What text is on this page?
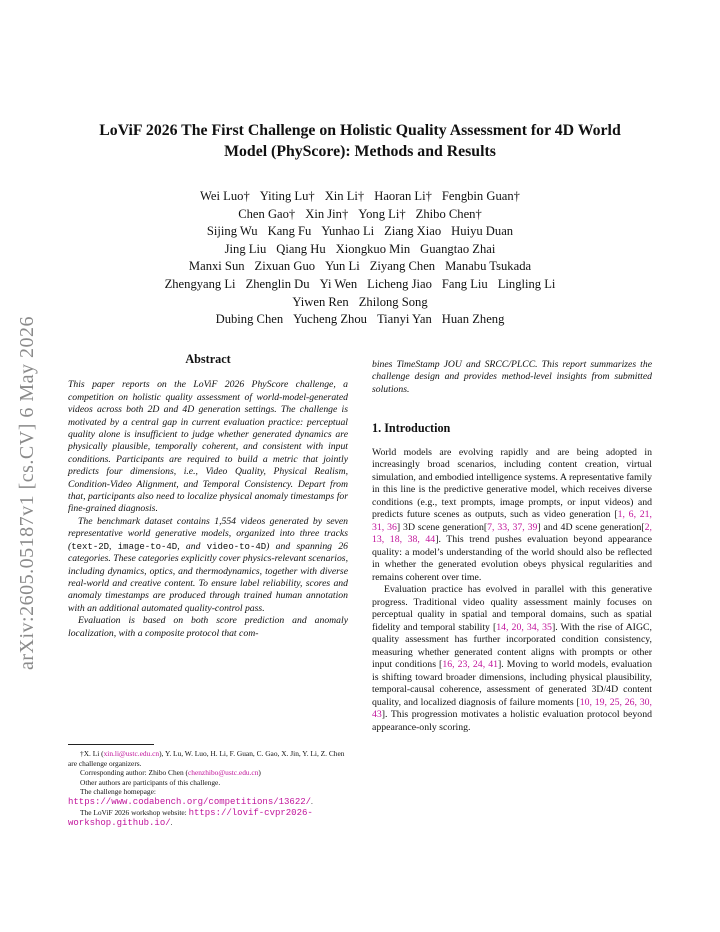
arXiv:2605.05187v1 [cs.CV] 6 May 2026
LoViF 2026 The First Challenge on Holistic Quality Assessment for 4D World
Model (PhyScore): Methods and Results
Wei Luo† Yiting Lu† Xin Li† Haoran Li† Fengbin Guan†
Chen Gao† Xin Jin† Yong Li† Zhibo Chen†
Sijing Wu Kang Fu Yunhao Li Ziang Xiao Huiyu Duan
Jing Liu Qiang Hu Xiongkuo Min Guangtao Zhai
Manxi Sun Zixuan Guo Yun Li Ziyang Chen Manabu Tsukada
Zhengyang Li Zhenglin Du Yi Wen Licheng Jiao Fang Liu Lingling Li
Yiwen Ren Zhilong Song
Dubing Chen Yucheng Zhou Tianyi Yan Huan Zheng
Abstract

This paper reports on the LoViF 2026 PhyScore challenge, a competition on holistic quality assessment of world-model-generated videos across both 2D and 4D generation settings. The challenge is motivated by a central gap in current evaluation practice: perceptual quality alone is insufficient to judge whether generated dynamics are physically plausible, temporally coherent, and consistent with input conditions. Participants are required to build a metric that jointly predicts four dimensions, i.e., Video Quality, Physical Realism, Condition-Video Alignment, and Temporal Consistency. Depart from that, participants also need to localize physical anomaly timestamps for fine-grained diagnosis.

The benchmark dataset contains 1,554 videos generated by seven representative world generative models, organized into three tracks (text-2D, image-to-4D, and video-to-4D) and spanning 26 categories. These categories explicitly cover physics-relevant scenarios, including dynamics, optics, and thermodynamics, together with diverse real-world and creative content. To ensure label reliability, scores and anomaly timestamps are produced through trained human annotation with an additional automated quality-control pass.

Evaluation is based on both score prediction and anomaly localization, with a composite protocol that com-

†X. Li (xin.li@ustc.edu.cn), Y. Lu, W. Luo, H. Li, F. Guan, C. Gao, X. Jin, Y. Li, Z. Chen are challenge organizers.
Corresponding author: Zhibo Chen (chenzhibo@ustc.edu.cn)
Other authors are participants of this challenge.
The challenge homepage: https://www.codabench.org/competitions/13622/.
The LoViF 2026 workshop website: https://lovif-cvpr2026-workshop.github.io/.

bines TimeStamp JOU and SRCC/PLCC. This report summarizes the challenge design and provides method-level insights from submitted solutions.

1. Introduction

World models are evolving rapidly and are being adopted in increasingly broad scenarios, including content creation, virtual simulation, and embodied intelligence systems. A representative family in this line is the predictive generative model, which receives diverse conditions (e.g., text prompts, image prompts, or input videos) and predicts future scenes as outputs, such as video generation [1, 6, 21, 31, 36] 3D scene generation[7, 33, 37, 39] and 4D scene generation[2, 13, 18, 38, 44]. This trend pushes evaluation beyond appearance quality: a model’s understanding of the world should also be reflected in whether the generated evolution obeys physical regularities and remains coherent over time.

Evaluation practice has evolved in parallel with this generative progress. Traditional video quality assessment mainly focuses on perceptual quality in spatial and temporal domains, such as spatial fidelity and temporal stability [14, 20, 34, 35]. With the rise of AIGC, quality assessment has further incorporated condition consistency, measuring whether generated content aligns with prompts or other input conditions [16, 23, 24, 41]. Moving to world models, evaluation is shifting toward broader dimensions, including physical plausibility, temporal-causal coherence, assessment of generated 3D/4D content quality, and localized diagnosis of failure moments [10, 19, 25, 26, 30, 43]. This progression motivates a holistic evaluation protocol beyond appearance-only scoring.
